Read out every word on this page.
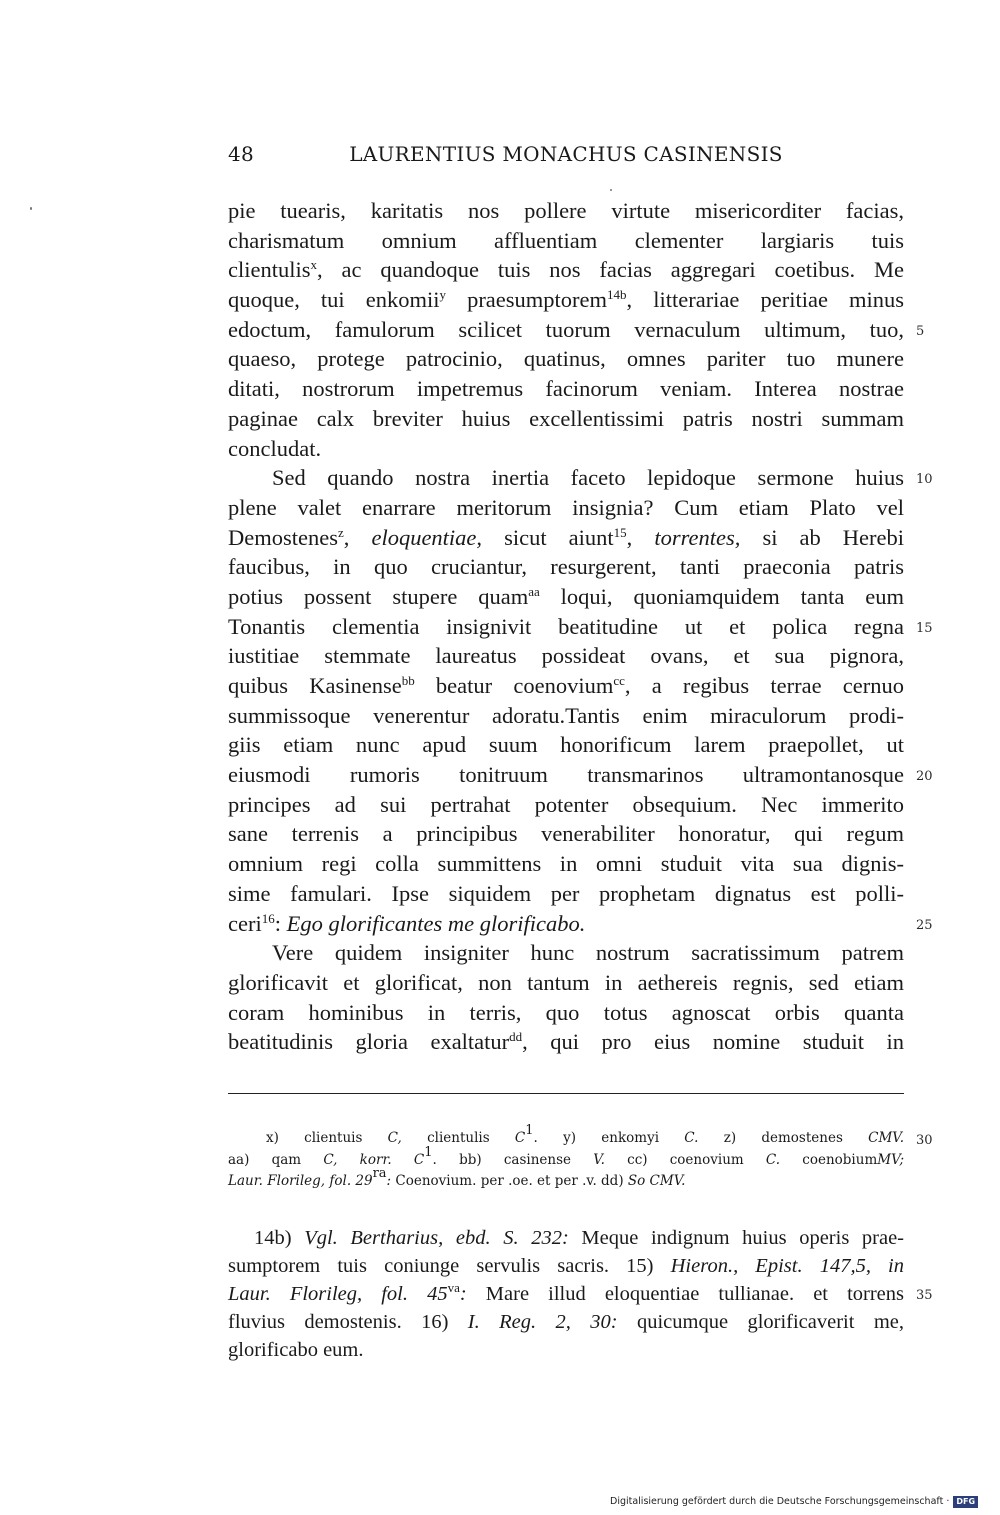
48	LAURENTIUS MONACHUS CASINENSIS
pie tuearis, karitatis nos pollere virtute misericorditer facias,
charismatum omnium affluentiam clementer largiaris tuis
clientulis$^x$, ac quandoque tuis nos facias aggregari coetibus. Me
quoque, tui enkomii$^y$ praesumptorem$^{14b}$, litterariae peritiae minus
edoctum, famulorum scilicet tuorum vernaculum ultimum, tuo,
quaeso, protege patrocinio, quatinus, omnes pariter tuo munere
ditati, nostrorum impetremus facinorum veniam. Interea nostrae
paginae calx breviter huius excellentissimi patris nostri summam
concludat.
Sed quando nostra inertia faceto lepidoque sermone huius
plene valet enarrare meritorum insignia? Cum etiam Plato vel
Demostenes$^z$, eloquentiae, sicut aiunt$^{15}$, torrentes, si ab Herebi
faucibus, in quo cruciantur, resurgerent, tanti praeconia patris
potius possent stupere quam$^{aa}$ loqui, quoniamquidem tanta eum
Tonantis clementia insignivit beatitudine ut et polica regna
iustitiae stemmate laureatus possideat ovans, et sua pignora,
quibus Kasinense$^{bb}$ beatur coenovium$^{cc}$, a regibus terrae cernuo
summissoque venerentur adoratu.Tantis enim miraculorum prodi-
giis etiam nunc apud suum honorificum larem praepollet, ut
eiusmodi rumoris tonitruum transmarinos ultramontanosque
principes ad sui pertrahat potenter obsequium. Nec immerito
sane terrenis a principibus venerabiliter honoratur, qui regum
omnium regi colla summittens in omni studuit vita sua dignis-
sime famulari. Ipse siquidem per prophetam dignatus est polli-
ceri$^{16}$: Ego glorificantes me glorificabo.
Vere quidem insigniter hunc nostrum sacratissimum patrem
glorificavit et glorificat, non tantum in aethereis regnis, sed etiam
coram hominibus in terris, quo totus agnoscat orbis quanta
beatitudinis gloria exaltatur$^{dd}$, qui pro eius nomine studuit in
x) clientuis C, clientulis $C^1$. y) enkomyi C. z) demostenes CMV.
aa) qam C, korr. $C^1$. bb) casinense V. cc) coenovium C. coenobiumMV;
Laur. Florileg, fol. $29^{ra}$: Coenovium. per .oe. et per .v. dd) So CMV.
14b) Vgl. Bertharius, ebd. S. 232: Meque indignum huius operis prae-
sumptorem tuis coniunge servulis sacris. 15) Hieron., Epist. 147,5, in
Laur. Florileg, fol. $45^{va}$: Mare illud eloquentiae tullianae. et torrens
fluvius demostenis. 16) I. Reg. 2, 30: quicumque glorificaverit me,
glorificabo eum.
Digitalisierung gefördert durch die Deutsche Forschungsgemeinschaft · DFG
5
10
15
20
25
30
35
